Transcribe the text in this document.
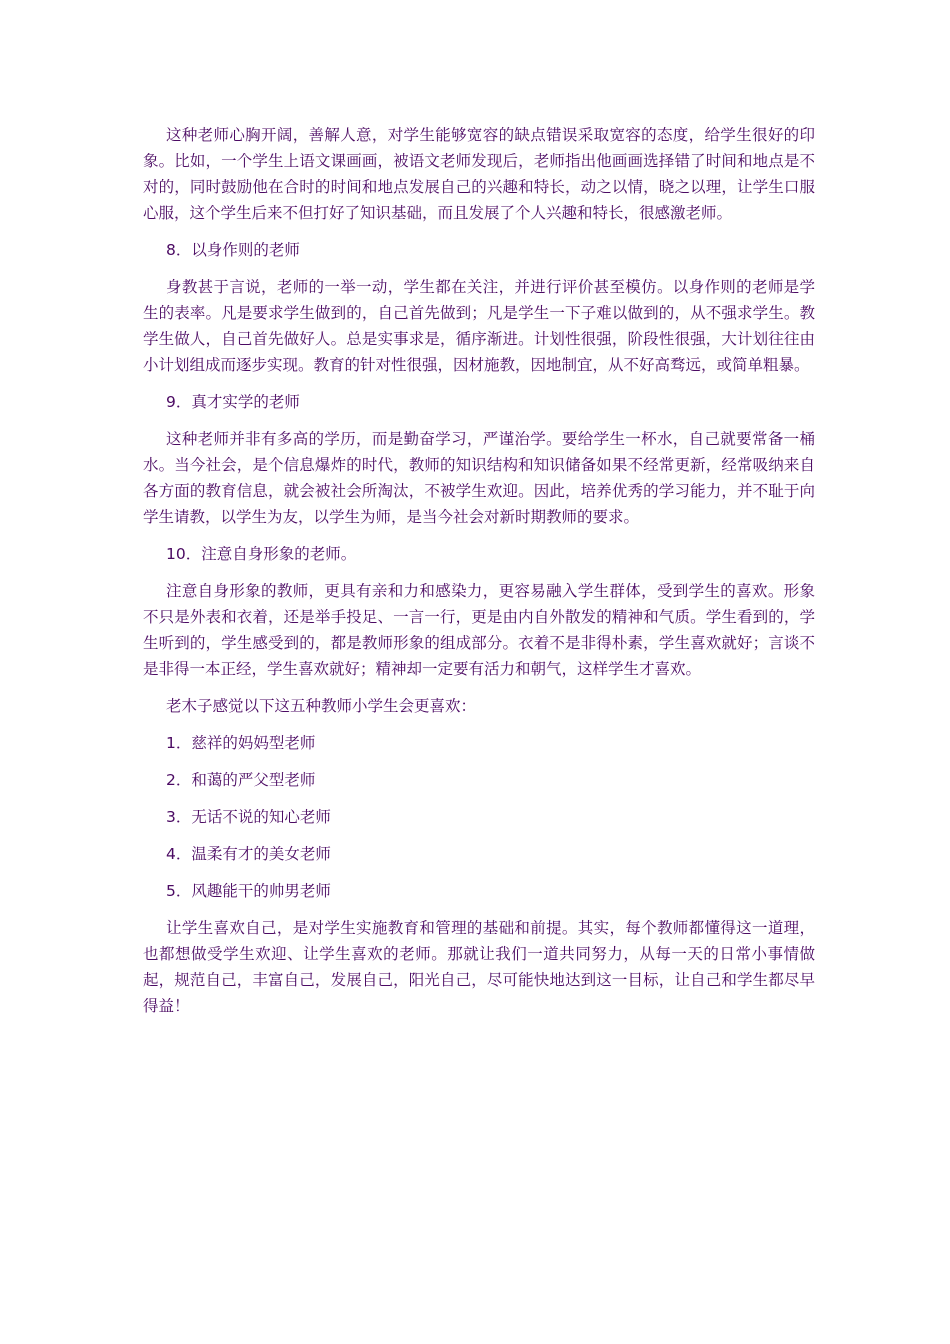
这种老师心胸开阔，善解人意，对学生能够宽容的缺点错误采取宽容的态度，给学生很好的印象。比如，一个学生上语文课画画，被语文老师发现后，老师指出他画画选择错了时间和地点是不对的，同时鼓励他在合时的时间和地点发展自己的兴趣和特长，动之以情，晓之以理，让学生口服心服，这个学生后来不但打好了知识基础，而且发展了个人兴趣和特长，很感激老师。

8．以身作则的老师

身教甚于言说，老师的一举一动，学生都在关注，并进行评价甚至模仿。以身作则的老师是学生的表率。凡是要求学生做到的，自己首先做到；凡是学生一下子难以做到的，从不强求学生。教学生做人，自己首先做好人。总是实事求是，循序渐进。计划性很强，阶段性很强，大计划往往由小计划组成而逐步实现。教育的针对性很强，因材施教，因地制宜，从不好高骛远，或简单粗暴。

9．真才实学的老师

这种老师并非有多高的学历，而是勤奋学习，严谨治学。要给学生一杯水，自己就要常备一桶水。当今社会，是个信息爆炸的时代，教师的知识结构和知识储备如果不经常更新，经常吸纳来自各方面的教育信息，就会被社会所淘汰，不被学生欢迎。因此，培养优秀的学习能力，并不耻于向学生请教，以学生为友，以学生为师，是当今社会对新时期教师的要求。

10．注意自身形象的老师。

注意自身形象的教师，更具有亲和力和感染力，更容易融入学生群体，受到学生的喜欢。形象不只是外表和衣着，还是举手投足、一言一行，更是由内自外散发的精神和气质。学生看到的，学生听到的，学生感受到的，都是教师形象的组成部分。衣着不是非得朴素，学生喜欢就好；言谈不是非得一本正经，学生喜欢就好；精神却一定要有活力和朝气，这样学生才喜欢。

老木子感觉以下这五种教师小学生会更喜欢：

1．慈祥的妈妈型老师

2．和蔼的严父型老师

3．无话不说的知心老师

4．温柔有才的美女老师

5．风趣能干的帅男老师

让学生喜欢自己，是对学生实施教育和管理的基础和前提。其实，每个教师都懂得这一道理，也都想做受学生欢迎、让学生喜欢的老师。那就让我们一道共同努力，从每一天的日常小事情做起，规范自己，丰富自己，发展自己，阳光自己，尽可能快地达到这一目标，让自己和学生都尽早得益！
